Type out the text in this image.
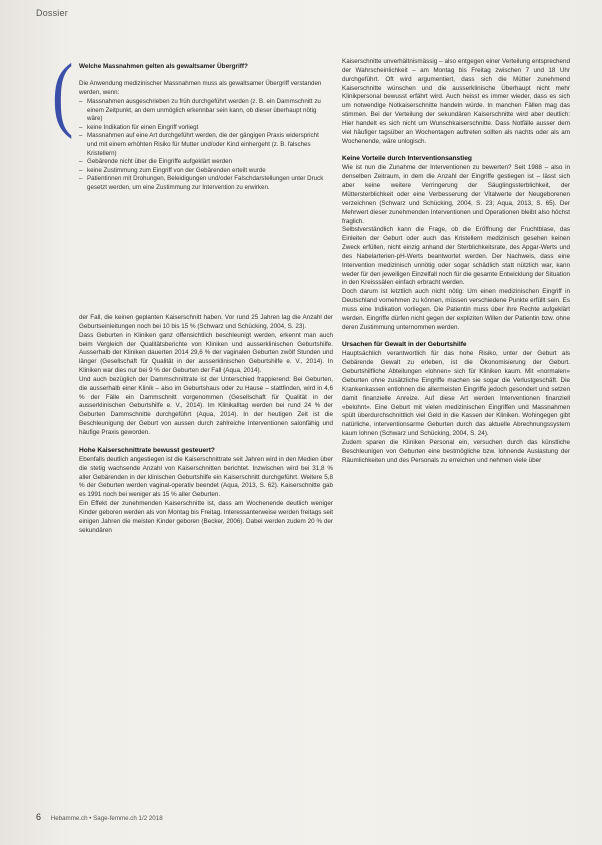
Dossier
( Welche Massnahmen gelten als gewaltsamer Übergriff?
Die Anwendung medizinischer Massnahmen muss als gewaltsamer Übergriff verstanden werden, wenn:
– Massnahmen ausgeschrieben zu früh durchgeführt werden (z. B. ein Dammschnitt zu einem Zeitpunkt, an dem unmöglich erkennbar sein kann, ob dieser überhaupt nötig wäre)
– keine Indikation für einen Eingriff vorliegt
– Massnahmen auf eine Art durchgeführt werden, die der gängigen Praxis widerspricht und mit einem erhöhten Risiko für Mutter und/oder Kind einhergeht (z. B. falsches Kristellern)
– Gebärende nicht über die Eingriffe aufgeklärt werden
– keine Zustimmung zum Eingriff von der Gebärenden erteilt wurde
– Patientinnen mit Drohungen, Beleidigungen und/oder Falschdarstellungen unter Druck gesetzt werden, um eine Zustimmung zur Intervention zu erwirken.

der Fall, die keinen geplanten Kaiserschnitt haben. Vor rund 25 Jahren lag die Anzahl der Geburtseinleitungen noch bei 10 bis 15 % (Schwarz und Schücking, 2004, S. 23).

Dass Geburten in Kliniken ganz offensichtlich beschleunigt werden, erkennt man auch beim Vergleich der Qualitätsberichte von Kliniken und ausserklinischen Geburtshilfe. Ausserhalb der Kliniken dauerten 2014 29,6 % der vaginalen Geburten zwölf Stunden und länger (Gesellschaft für Qualität in der ausserklinischen Geburtshilfe e. V., 2014). In Kliniken war dies nur bei 9 % der Geburten der Fall (Aqua, 2014).

Und auch bezüglich der Dammschnittrate ist der Unterschied frappierend: Bei Geburten, die ausserhalb einer Klinik – also im Geburtshaus oder zu Hause – stattfinden, wird in 4,6 % der Fälle ein Dammschnitt vorgenommen (Gesellschaft für Qualität in der ausserklinischen Geburtshilfe e. V., 2014). Im Klinikalltag werden bei rund 24 % der Geburten Dammschnitte durchgeführt (Aqua, 2014). In der heutigen Zeit ist die Beschleunigung der Geburt von aussen durch zahlreiche Interventionen salonfähig und häufige Praxis geworden.

Hohe Kaiserschnittrate bewusst gesteuert?

Ebenfalls deutlich angestiegen ist die Kaiserschnittrate seit Jahren wird in den Medien über die stetig wachsende Anzahl von Kaiserschnitten berichtet. Inzwischen wird bei 31,8 % aller Gebärenden in der klinischen Geburtshilfe ein Kaiserschnitt durchgeführt. Weitere 5,8 % der Geburten werden vaginal-operativ beendet (Aqua, 2013, S. 62). Kaiserschnitte gab es 1991 noch bei weniger als 15 % aller Geburten.

Ein Effekt der zunehmenden Kaiserschnitte ist, dass am Wochenende deutlich weniger Kinder geboren werden als von Montag bis Freitag. Interessanterweise werden freitags seit einigen Jahren die meisten Kinder geboren (Becker, 2006). Dabei werden zudem 20 % der sekundären

Kaiserschnitte unverhältnismässig – also entgegen einer Verteilung entsprechend der Wahrscheinlichkeit – am Montag bis Freitag zwischen 7 und 18 Uhr durchgeführt. Oft wird argumentiert, dass sich die Mütter zunehmend Kaiserschnitte wünschen und die ausserklinische Überhaupt nicht mehr Klinikpersonal bewusst erfährt wird. Auch heisst es immer wieder, dass es sich um notwendige Notkaiserschnitte handeln würde. In manchen Fällen mag das stimmen. Bei der Verteilung der sekundären Kaiserschnitte wird aber deutlich: Hier handelt es sich nicht um Wunschkaiserschnitte. Dass Notfälle ausser dem viel häufiger tagsüber an Wochentagen auftreten sollten als nachts oder als am Wochenende, wäre unlogisch.

Keine Vorteile durch Interventionsanstieg

Wie ist nun die Zunahme der Interventionen zu bewerten? Seit 1988 – also in denselben Zeitraum, in dem die Anzahl der Eingriffe gestiegen ist – lässt sich aber keine weitere Verringerung der Säuglingssterblichkeit, der Müttersterblichkeit oder eine Verbesserung der Vitalwerte der Neugeborenen verzeichnen (Schwarz und Schücking, 2004, S. 23; Aqua, 2013, S. 65). Der Mehrwert dieser zunehmenden Interventionen und Operationen bleibt also höchst fraglich.

Selbstverständlich kann die Frage, ob die Eröffnung der Fruchtblase, das Einleiten der Geburt oder auch das Kristellern medizinisch gesehen keinen Zweck erfüllen, nicht einzig anhand der Sterblichkeitsrate, des Apgar-Werts und des Nabelarterien-pH-Werts beantwortet werden. Der Nachweis, dass eine Intervention medizinisch unnötig oder sogar schädlich statt nützlich war, kann weder für den jeweiligen Einzelfall noch für die gesamte Entwicklung der Situation in den Kreisssälen einfach erbracht werden.

Doch darum ist letztlich auch nicht nötig: Um einen medizinischen Eingriff in Deutschland vornehmen zu können, müssen verschiedene Punkte erfüllt sein. Es muss eine Indikation vorliegen. Die Patientin muss über ihre Rechte aufgeklärt werden. Eingriffe dürfen nicht gegen der expliziten Willen der Patientin bzw. ohne deren Zustimmung unternommen werden.

Ursachen für Gewalt in der Geburtshilfe

Hauptsächlich verantwortlich für das hohe Risiko, unter der Geburt als Gebärende Gewalt zu erleben, ist die Ökonomisierung der Geburt. Geburtshilfliche Abteilungen «lohnen» sich für Kliniken kaum. Mit «normalen» Geburten ohne zusätzliche Eingriffe machen sie sogar die Verlustgeschäft. Die Krankenkassen entlohnen die allermeisten Eingriffe jedoch gesondert und setzen damit finanzielle Anreize. Auf diese Art werden Interventionen finanziell «belohnt». Eine Geburt mit vielen medizinischen Eingriffen und Massnahmen spült überdurchschnittlich viel Geld in die Kassen der Kliniken. Wohingegen gibt natürliche, interventionsarme Geburten durch das aktuelle Abrechnungssystem kaum lohnen (Schwarz und Schücking, 2004, S. 24).

Zudem sparen die Kliniken Personal ein, versuchen durch das künstliche Beschleunigen von Geburten eine bestmögliche bzw. lohnende Auslastung der Räumlichkeiten und des Personals zu erreichen und nehmen viele über

6 Hebamme.ch • Sage-femme.ch 1/2 2018
